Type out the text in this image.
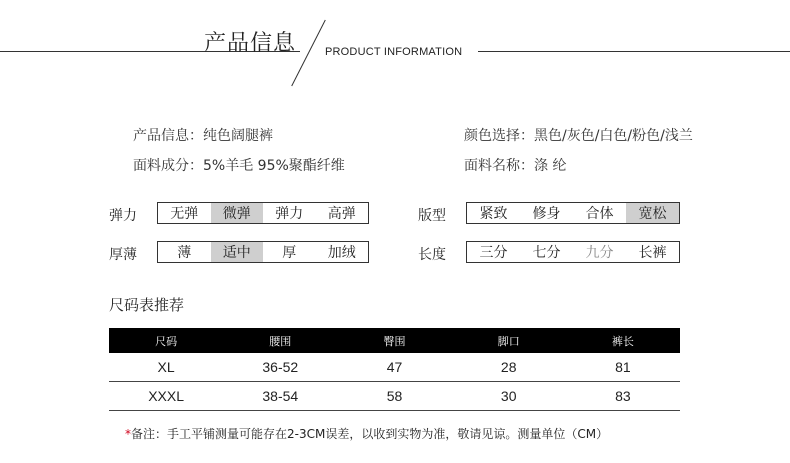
产品信息	PRODUCT INFORMATION
产品信息：纯色阔腿裤
面料成分：5%羊毛 95%聚酯纤维
颜色选择：黑色/灰色/白色/粉色/浅兰
面料名称：涤 纶
弹力	无弹	微弹	弹力	高弹	版型	紧致	修身	合体	宽松
厚薄	薄	适中	厚	加绒	长度	三分	七分	九分	长裤
尺码表推荐
尺码	腰围	臀围	脚口	裤长
XL	36-52	47	28	81
XXXL	38-54	58	30	83
*备注：手工平铺测量可能存在2-3CM误差，以收到实物为准，敬请见谅。测量单位（CM）
